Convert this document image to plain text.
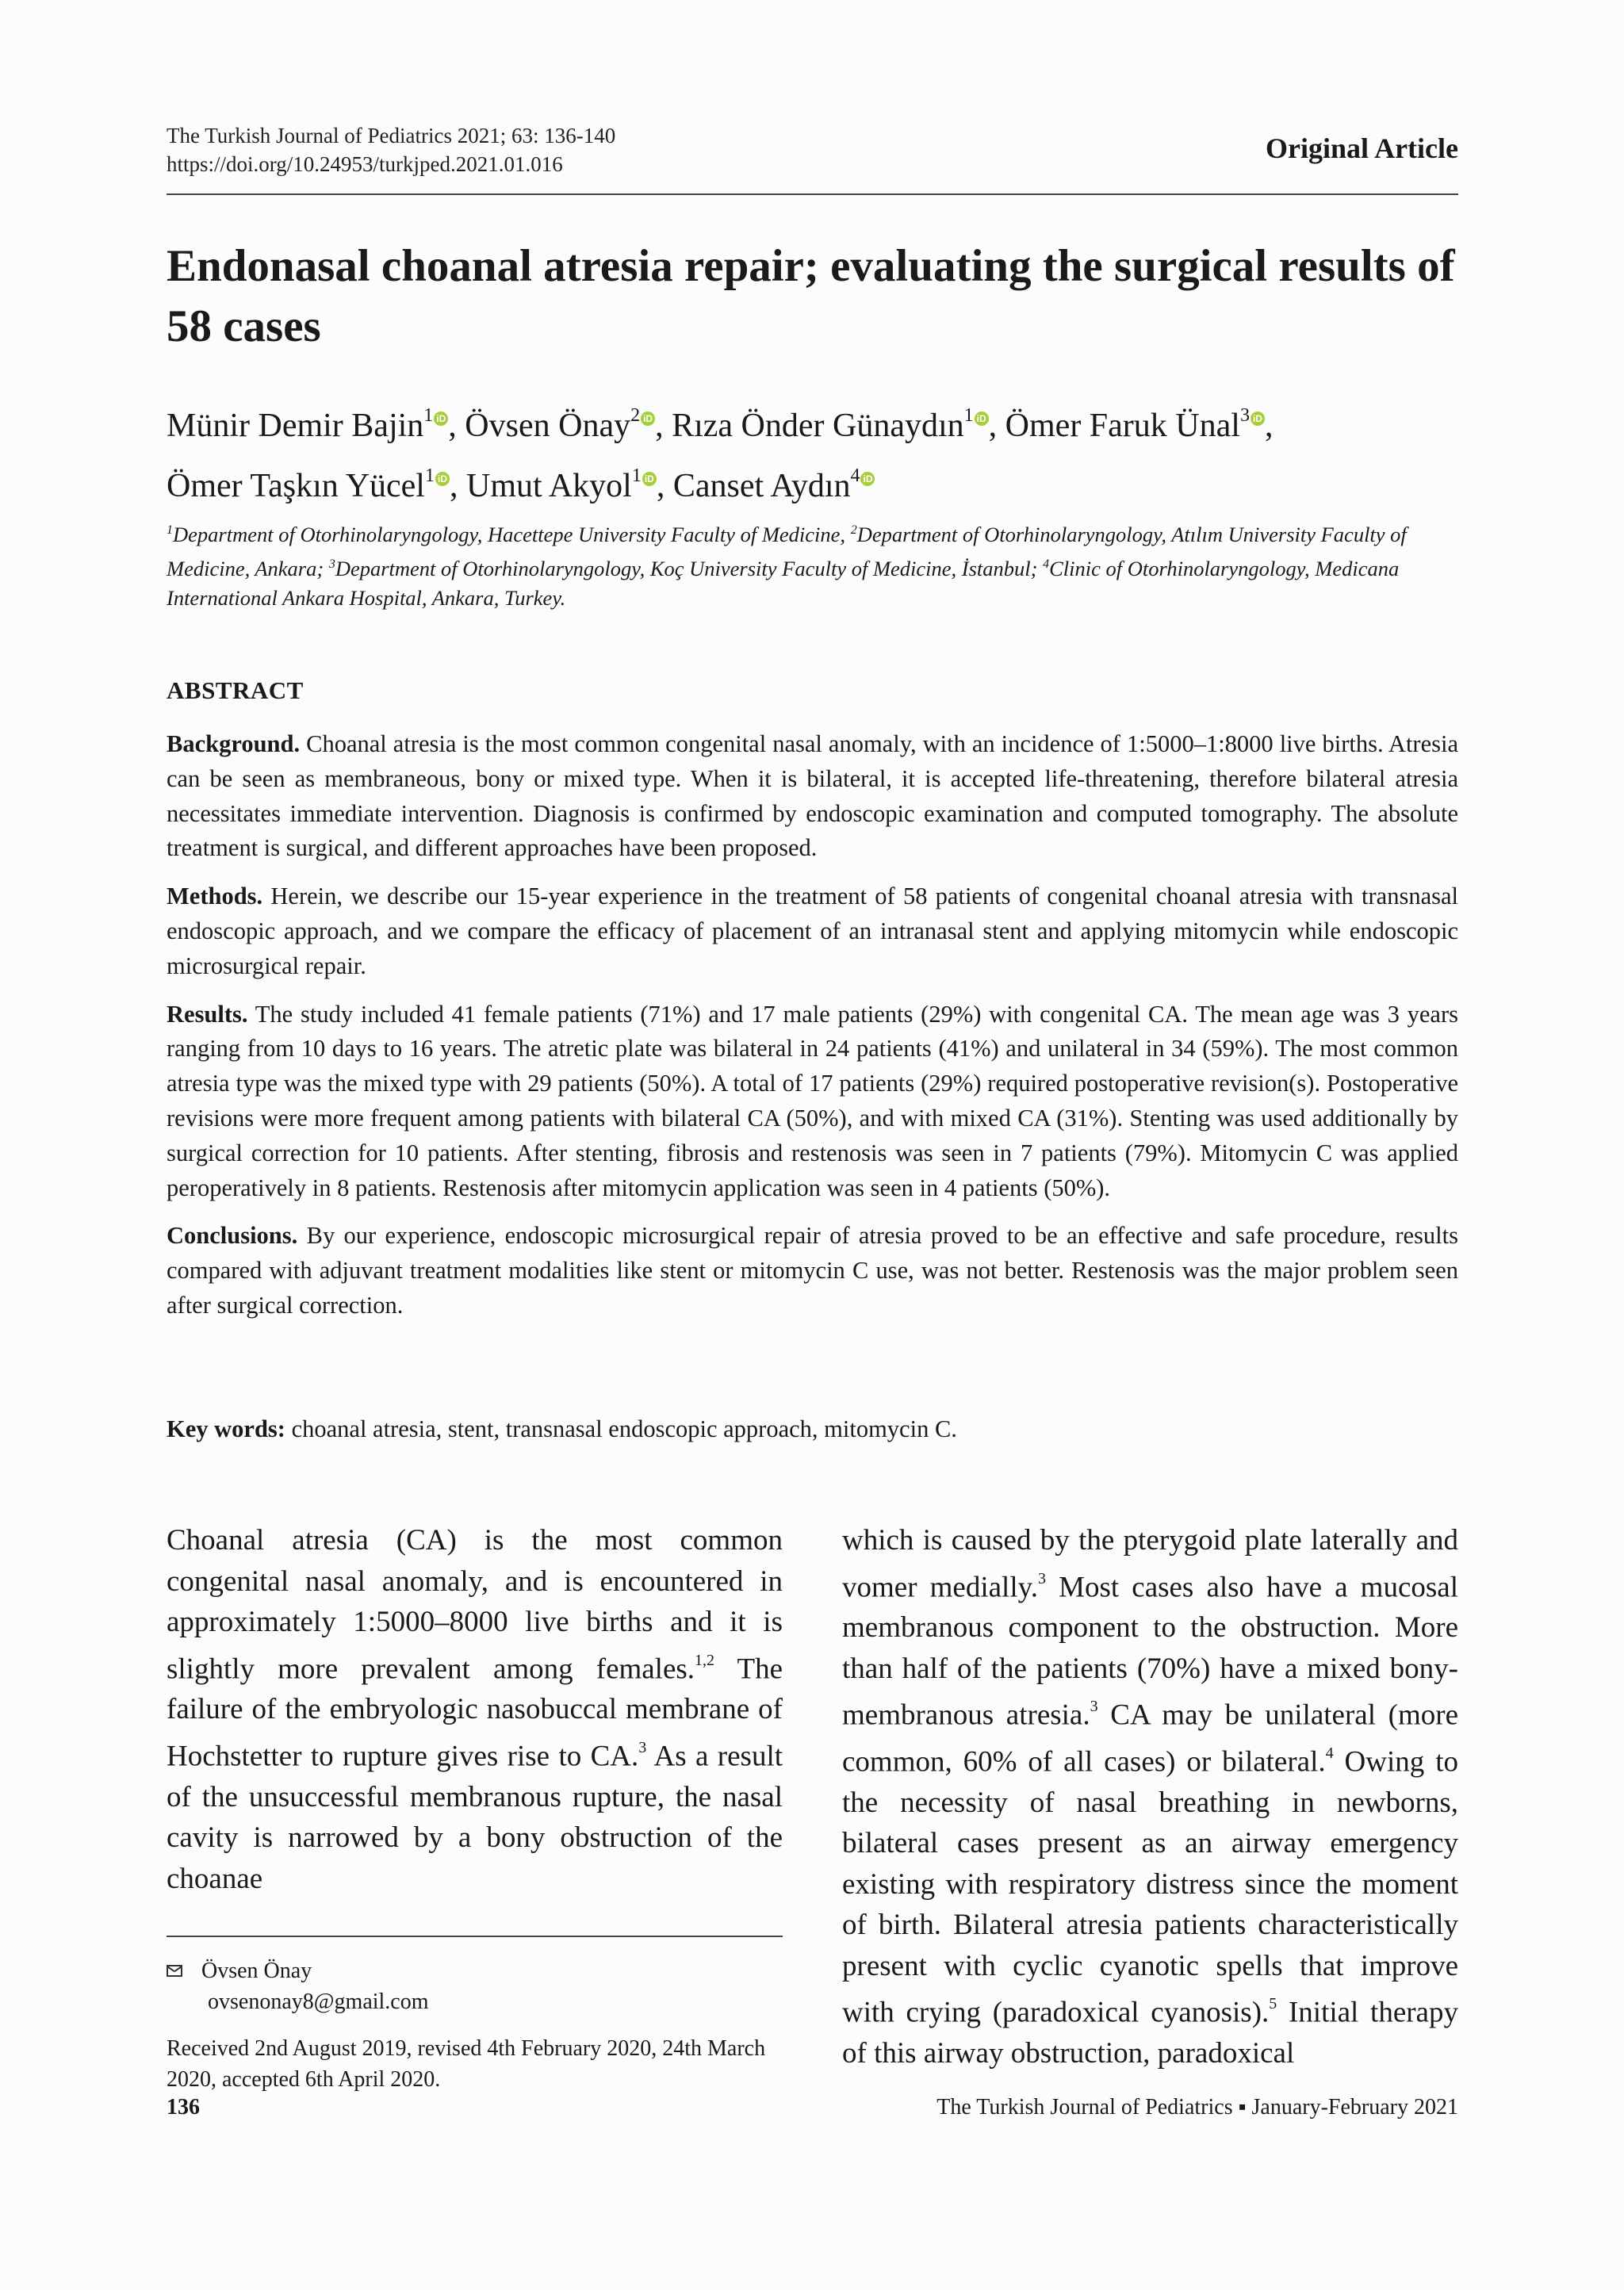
The Turkish Journal of Pediatrics 2021; 63: 136-140
https://doi.org/10.24953/turkjped.2021.01.016
Original Article
Endonasal choanal atresia repair; evaluating the surgical results of 58 cases
Münir Demir Bajin$^1$ iD, Övsen Önay$^2$ iD, Rıza Önder Günaydın$^1$ iD, Ömer Faruk Ünal$^3$ iD,
Ömer Taşkın Yücel$^1$ iD, Umut Akyol$^1$ iD, Canset Aydın$^4$ iD
$^1$Department of Otorhinolaryngology, Hacettepe University Faculty of Medicine, $^2$Department of Otorhinolaryngology, Atılım University Faculty of Medicine, Ankara; $^3$Department of Otorhinolaryngology, Koç University Faculty of Medicine, İstanbul; $^4$Clinic of Otorhinolaryngology, Medicana International Ankara Hospital, Ankara, Turkey.
ABSTRACT

Background. Choanal atresia is the most common congenital nasal anomaly, with an incidence of 1:5000–1:8000 live births. Atresia can be seen as membraneous, bony or mixed type. When it is bilateral, it is accepted life-threatening, therefore bilateral atresia necessitates immediate intervention. Diagnosis is confirmed by endoscopic examination and computed tomography. The absolute treatment is surgical, and different approaches have been proposed.

Methods. Herein, we describe our 15-year experience in the treatment of 58 patients of congenital choanal atresia with transnasal endoscopic approach, and we compare the efficacy of placement of an intranasal stent and applying mitomycin while endoscopic microsurgical repair.

Results. The study included 41 female patients (71%) and 17 male patients (29%) with congenital CA. The mean age was 3 years ranging from 10 days to 16 years. The atretic plate was bilateral in 24 patients (41%) and unilateral in 34 (59%). The most common atresia type was the mixed type with 29 patients (50%). A total of 17 patients (29%) required postoperative revision(s). Postoperative revisions were more frequent among patients with bilateral CA (50%), and with mixed CA (31%). Stenting was used additionally by surgical correction for 10 patients. After stenting, fibrosis and restenosis was seen in 7 patients (79%). Mitomycin C was applied peroperatively in 8 patients. Restenosis after mitomycin application was seen in 4 patients (50%).

Conclusions. By our experience, endoscopic microsurgical repair of atresia proved to be an effective and safe procedure, results compared with adjuvant treatment modalities like stent or mitomycin C use, was not better. Restenosis was the major problem seen after surgical correction.

Key words: choanal atresia, stent, transnasal endoscopic approach, mitomycin C.
Choanal atresia (CA) is the most common congenital nasal anomaly, and is encountered in approximately 1:5000–8000 live births and it is slightly more prevalent among females.$^{1,2}$ The failure of the embryologic nasobuccal membrane of Hochstetter to rupture gives rise to CA.$^3$ As a result of the unsuccessful membranous rupture, the nasal cavity is narrowed by a bony obstruction of the choanae
which is caused by the pterygoid plate laterally and vomer medially.$^3$ Most cases also have a mucosal membranous component to the obstruction. More than half of the patients (70%) have a mixed bony-membranous atresia.$^3$ CA may be unilateral (more common, 60% of all cases) or bilateral.$^4$ Owing to the necessity of nasal breathing in newborns, bilateral cases present as an airway emergency existing with respiratory distress since the moment of birth. Bilateral atresia patients characteristically present with cyclic cyanotic spells that improve with crying (paradoxical cyanosis).$^5$ Initial therapy of this airway obstruction, paradoxical
Övsen Önay
ovsenonay8@gmail.com
Received 2nd August 2019, revised 4th February 2020, 24th March 2020, accepted 6th April 2020.
136	The Turkish Journal of Pediatrics ▪ January-February 2021
